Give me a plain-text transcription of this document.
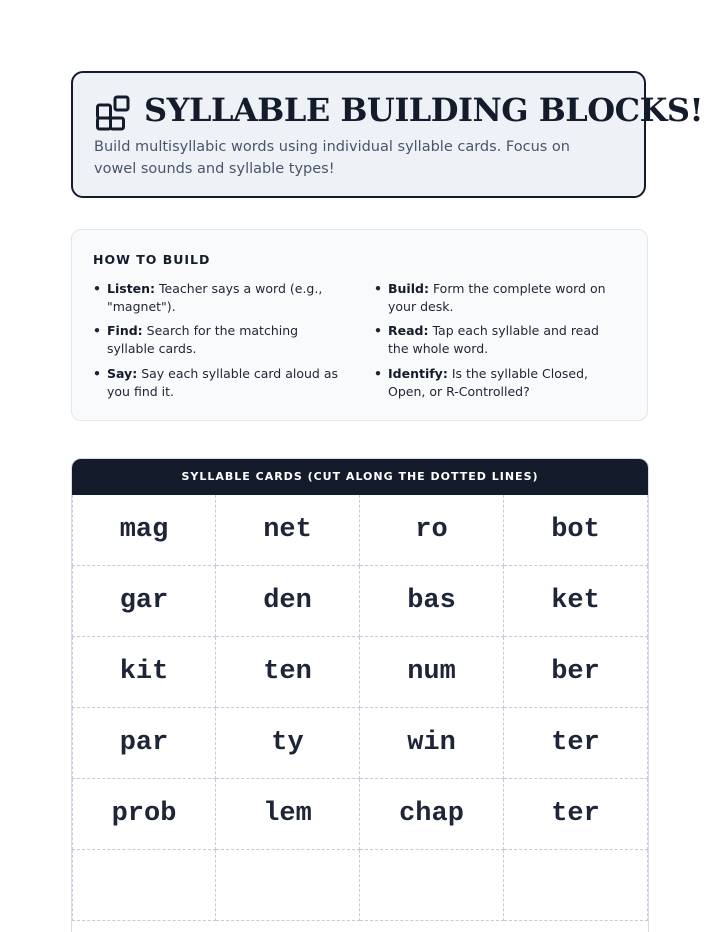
SYLLABLE BUILDING BLOCKS!

Build multisyllabic words using individual syllable cards. Focus on vowel sounds and syllable types!

HOW TO BUILD
• Listen: Teacher says a word (e.g., "magnet").
• Find: Search for the matching syllable cards.
• Say: Say each syllable card aloud as you find it.
• Build: Form the complete word on your desk.
• Read: Tap each syllable and read the whole word.
• Identify: Is the syllable Closed, Open, or R-Controlled?
SYLLABLE CARDS (CUT ALONG THE DOTTED LINES)
mag	net	ro	bot
gar	den	bas	ket
kit	ten	num	ber
par	ty	win	ter
prob	lem	chap	ter
